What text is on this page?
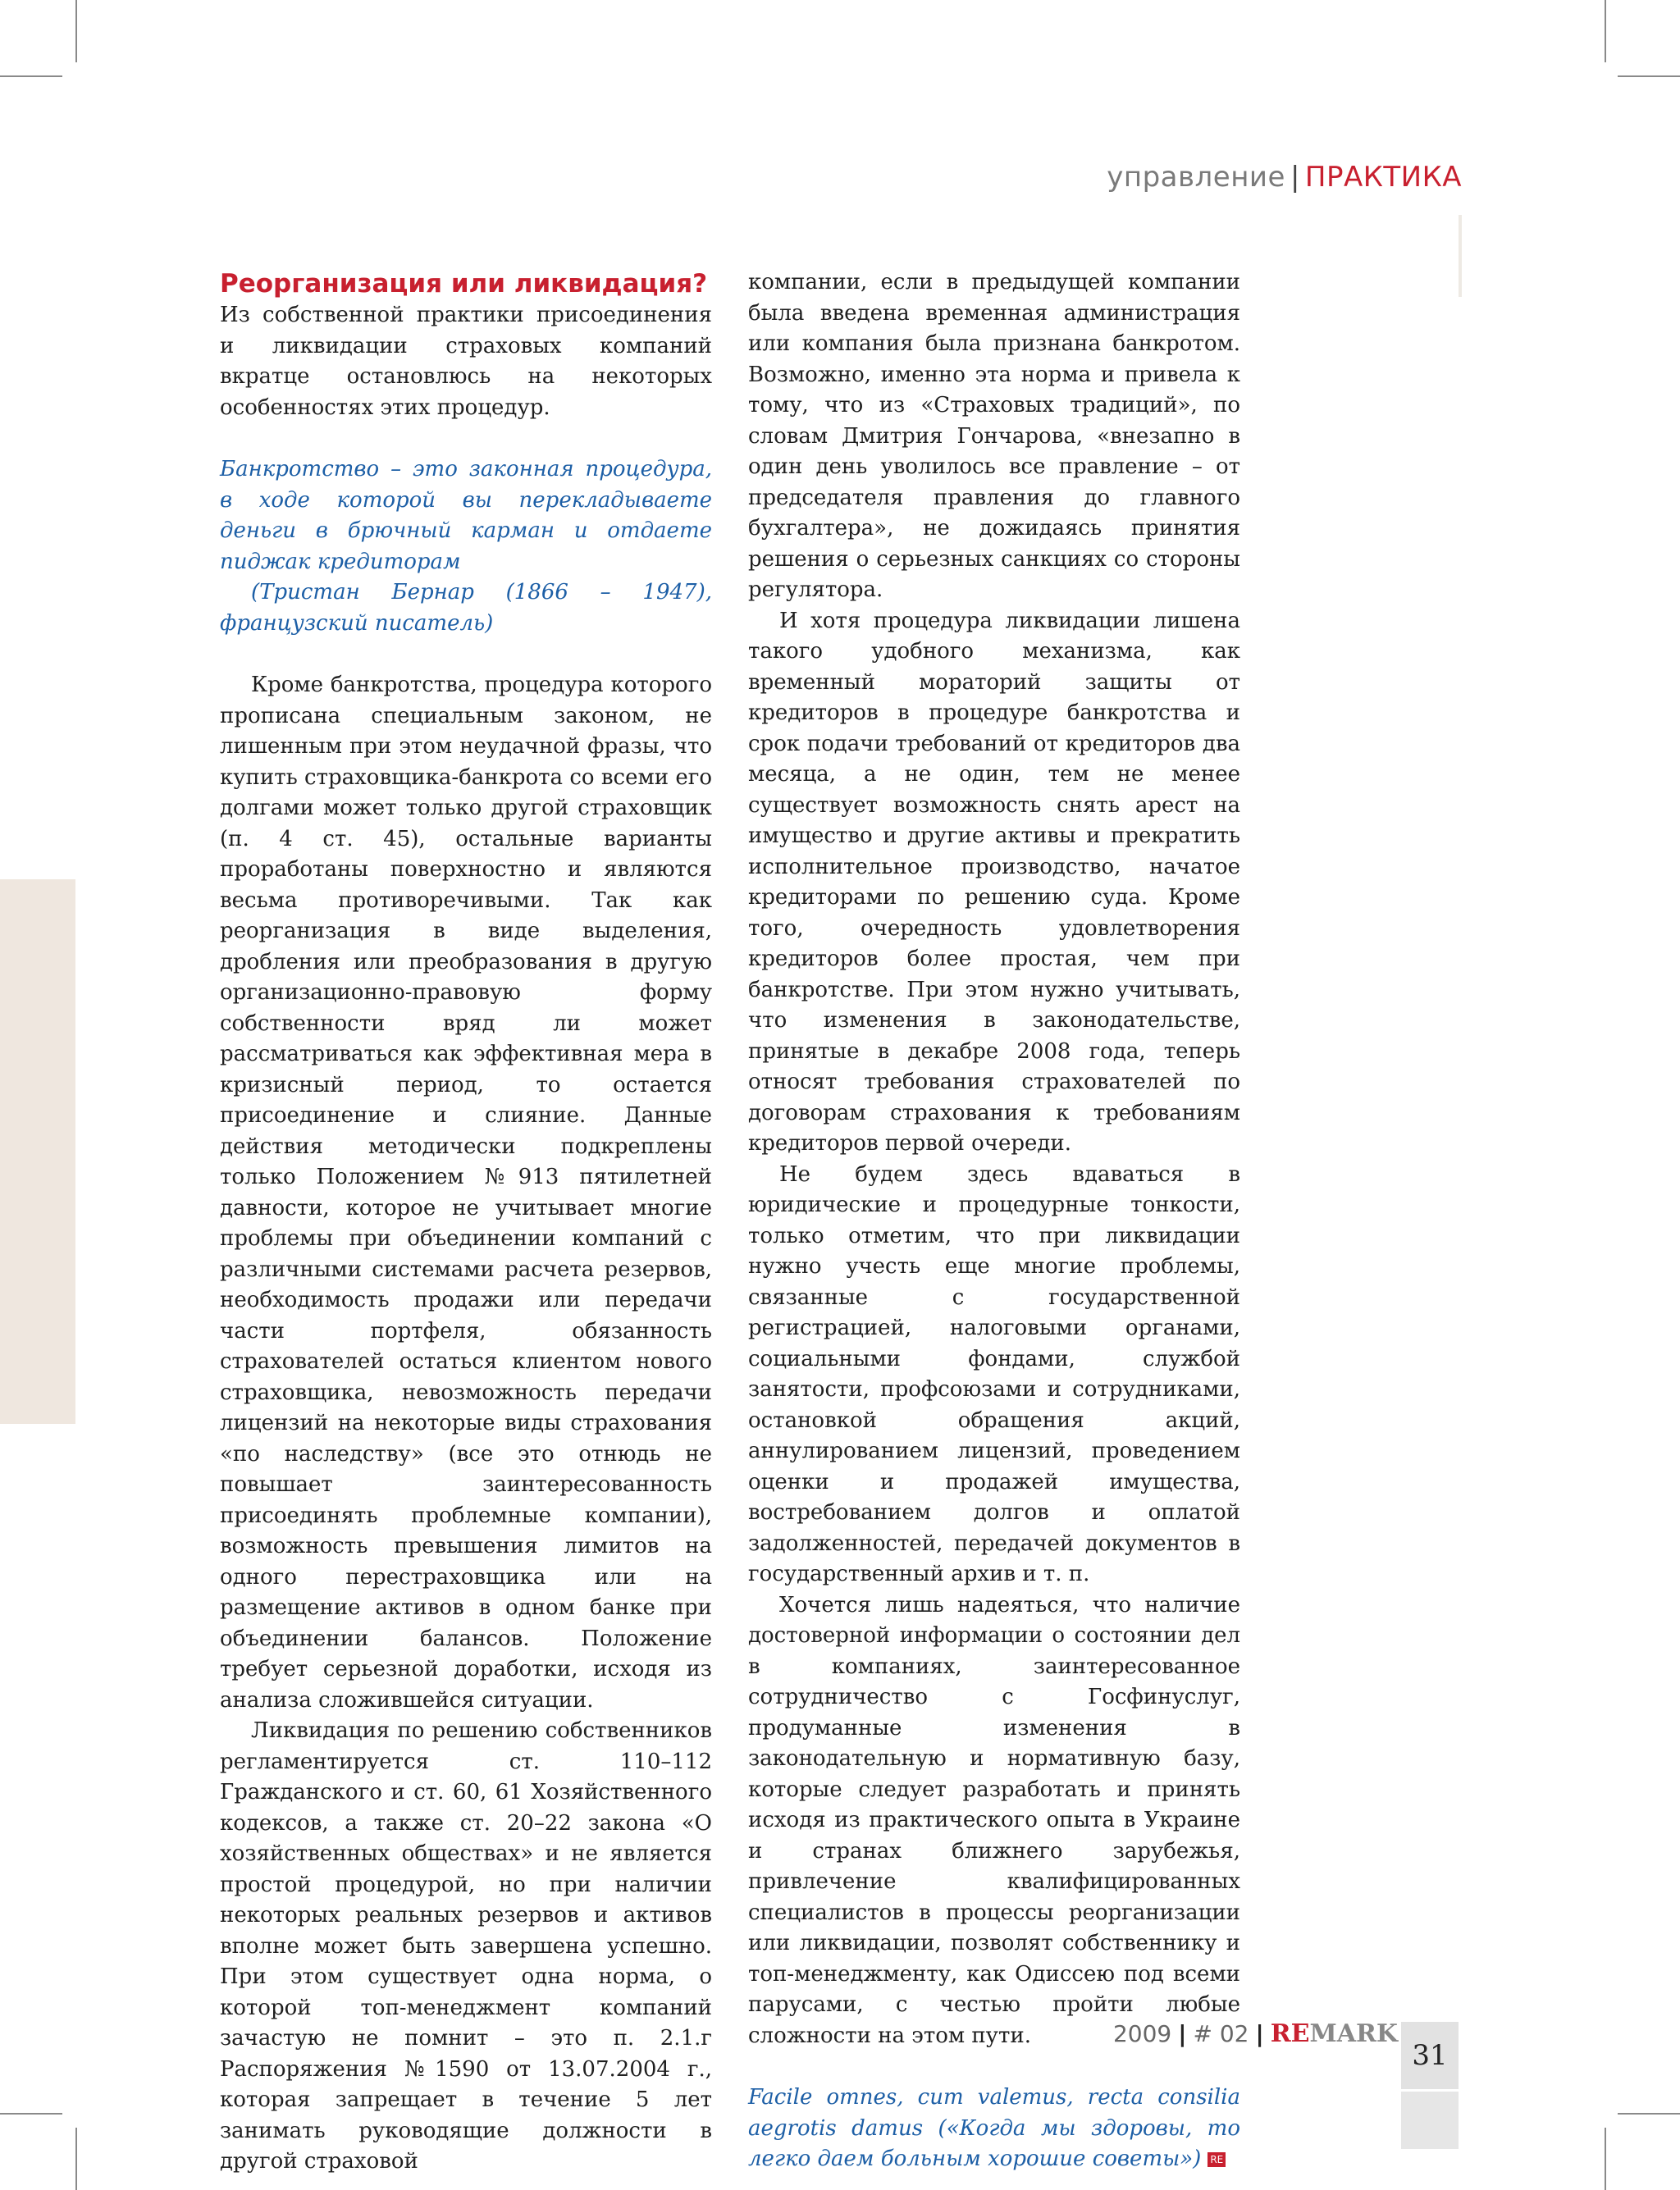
управление | ПРАКТИКА
Реорганизация или ликвидация?

Из собственной практики присоединения и ликвидации страховых компаний вкратце остановлюсь на некоторых особенностях этих процедур.

Банкротство – это законная процедура, в ходе которой вы перекладываете деньги в брючный карман и отдаете пиджак кредиторам

(Тристан Бернар (1866 – 1947), французский писатель)

Кроме банкротства, процедура которого прописана специальным законом, не лишенным при этом неудачной фразы, что купить страховщика-банкрота со всеми его долгами может только другой страховщик (п. 4 ст. 45), остальные варианты проработаны поверхностно и являются весьма противоречивыми. Так как реорганизация в виде выделения, дробления или преобразования в другую организационно-правовую форму собственности вряд ли может рассматриваться как эффективная мера в кризисный период, то остается присоединение и слияние. Данные действия методически подкреплены только Положением №913 пятилетней давности, которое не учитывает многие проблемы при объединении компаний с различными системами расчета резервов, необходимость продажи или передачи части портфеля, обязанность страхователей остаться клиентом нового страховщика, невозможность передачи лицензий на некоторые виды страхования «по наследству» (все это отнюдь не повышает заинтересованность присоединять проблемные компании), возможность превышения лимитов на одного перестраховщика или на размещение активов в одном банке при объединении балансов. Положение требует серьезной доработки, исходя из анализа сложившейся ситуации.

Ликвидация по решению собственников регламентируется ст. 110–112 Гражданского и ст. 60, 61 Хозяйственного кодексов, а также ст. 20–22 закона «О хозяйственных обществах» и не является простой процедурой, но при наличии некоторых реальных резервов и активов вполне может быть завершена успешно. При этом существует одна норма, о которой топ-менеджмент компаний зачастую не помнит – это п. 2.1.г Распоряжения №1590 от 13.07.2004 г., которая запрещает в течение 5 лет занимать руководящие должности в другой страховой

компании, если в предыдущей компании была введена временная администрация или компания была признана банкротом. Возможно, именно эта норма и привела к тому, что из «Страховых традиций», по словам Дмитрия Гончарова, «внезапно в один день уволилось все правление – от председателя правления до главного бухгалтера», не дожидаясь принятия решения о серьезных санкциях со стороны регулятора.

И хотя процедура ликвидации лишена такого удобного механизма, как временный мораторий защиты от кредиторов в процедуре банкротства и срок подачи требований от кредиторов два месяца, а не один, тем не менее существует возможность снять арест на имущество и другие активы и прекратить исполнительное производство, начатое кредиторами по решению суда. Кроме того, очередность удовлетворения кредиторов более простая, чем при банкротстве. При этом нужно учитывать, что изменения в законодательстве, принятые в декабре 2008 года, теперь относят требования страхователей по договорам страхования к требованиям кредиторов первой очереди.

Не будем здесь вдаваться в юридические и процедурные тонкости, только отметим, что при ликвидации нужно учесть еще многие проблемы, связанные с государственной регистрацией, налоговыми органами, социальными фондами, службой занятости, профсоюзами и сотрудниками, остановкой обращения акций, аннулированием лицензий, проведением оценки и продажей имущества, востребованием долгов и оплатой задолженностей, передачей документов в государственный архив и т. п.

Хочется лишь надеяться, что наличие достоверной информации о состоянии дел в компаниях, заинтересованное сотрудничество с Госфинуслуг, продуманные изменения в законодательную и нормативную базу, которые следует разработать и принять исходя из практического опыта в Украине и странах ближнего зарубежья, привлечение квалифицированных специалистов в процессы реорганизации или ликвидации, позволят собственнику и топ-менеджменту, как Одиссею под всеми парусами, с честью пройти любые сложности на этом пути.

Facile omnes, cum valemus, recta consilia aegrotis damus («Когда мы здоровы, то легко даем больным хорошие советы») RE

2009 | # 02 | REMARK
31
